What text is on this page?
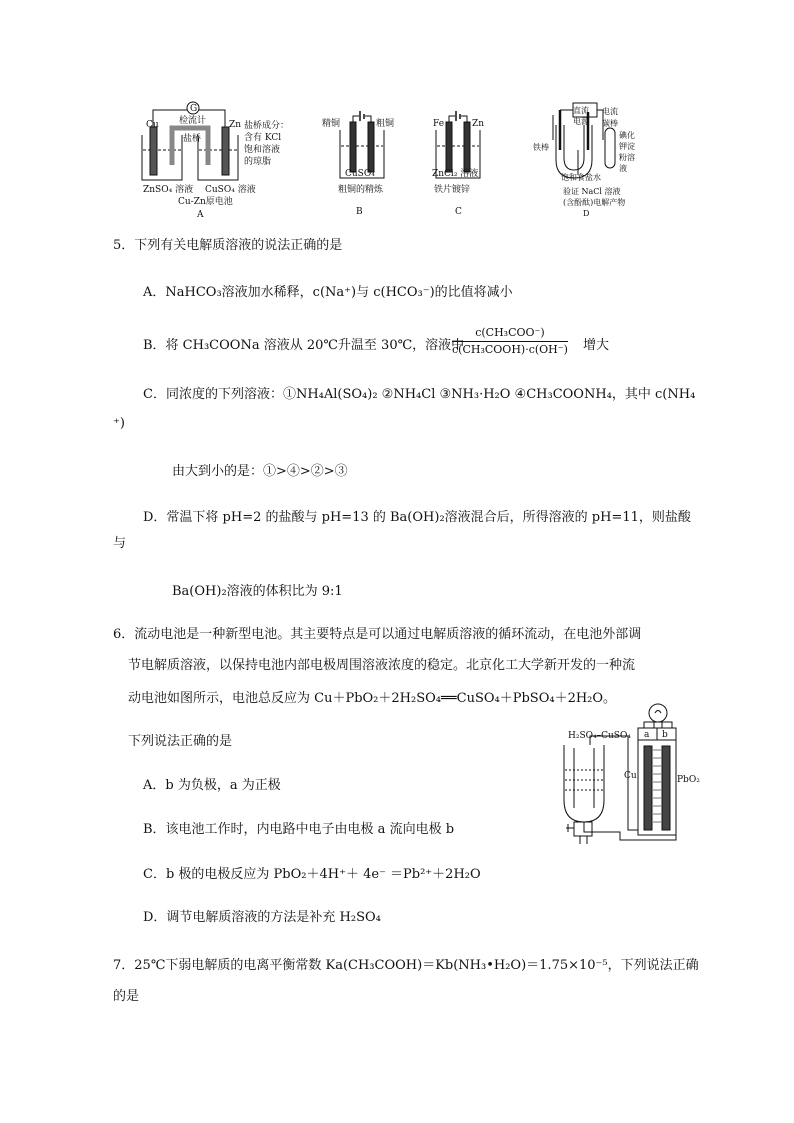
Cu	Zn
G
检流计
盐桥
盐桥成分：
含有 KCl
饱和溶液
的琼脂
ZnSO₄ 溶液 CuSO₄ 溶液
Cu-Zn原电池
A
精铜	粗铜
CuSO₄
粗铜的精炼
B
Fe	Zn
ZnCl₂ 溶液
铁片镀锌
C
直流
电源
电流
碳棒
铁棒
碘化
钾淀
粉溶
液
饱和食盐水
验证 NaCl 溶液
(含酚酞)电解产物
D
5．下列有关电解质溶液的说法正确的是
A．NaHCO₃溶液加水稀释，c(Na⁺)与 c(HCO₃⁻)的比值将减小
B．将 CH₃COONa 溶液从 20℃升温至 30℃，溶液中
c(CH₃COO⁻)
c(CH₃COOH)·c(OH⁻) 增大
C．同浓度的下列溶液：①NH₄Al(SO₄)₂ ②NH₄Cl ③NH₃·H₂O ④CH₃COONH₄，其中 c(NH₄
⁺)
由大到小的是：①>④>②>③
D．常温下将 pH=2 的盐酸与 pH=13 的 Ba(OH)₂溶液混合后，所得溶液的 pH=11，则盐酸
与
Ba(OH)₂溶液的体积比为 9:1
6．流动电池是一种新型电池。其主要特点是可以通过电解质溶液的循环流动，在电池外部调
节电解质溶液，以保持电池内部电极周围溶液浓度的稳定。北京化工大学新开发的一种流
动电池如图所示，电池总反应为 Cu＋PbO₂＋2H₂SO₄══CuSO₄＋PbSO₄＋2H₂O。
下列说法正确的是
A．b 为负极，a 为正极
B．该电池工作时，内电路中电子由电极 a 流向电极 b
C．b 极的电极反应为 PbO₂＋4H⁺＋ 4e⁻ ＝Pb²⁺＋2H₂O
D．调节电解质溶液的方法是补充 H₂SO₄
H₂SO₄–CuSO₄ a b
Cu	PbO₂
7．25℃下弱电解质的电离平衡常数 Ka(CH₃COOH)＝Kb(NH₃•H₂O)＝1.75×10⁻⁵，下列说法正确
的是
